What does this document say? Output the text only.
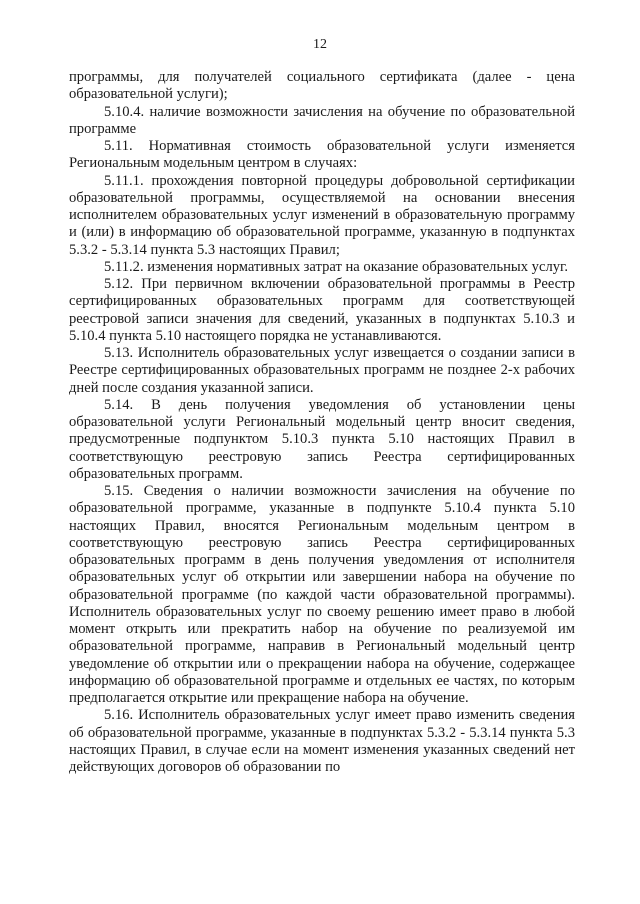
12

программы, для получателей социального сертификата (далее - цена образовательной услуги);

5.10.4. наличие возможности зачисления на обучение по образовательной программе

5.11. Нормативная стоимость образовательной услуги изменяется Региональным модельным центром в случаях:

5.11.1. прохождения повторной процедуры добровольной сертификации образовательной программы, осуществляемой на основании внесения исполнителем образовательных услуг изменений в образовательную программу и (или) в информацию об образовательной программе, указанную в подпунктах 5.3.2 - 5.3.14 пункта 5.3 настоящих Правил;

5.11.2. изменения нормативных затрат на оказание образовательных услуг.

5.12. При первичном включении образовательной программы в Реестр сертифицированных образовательных программ для соответствующей реестровой записи значения для сведений, указанных в подпунктах 5.10.3 и 5.10.4 пункта 5.10 настоящего порядка не устанавливаются.

5.13. Исполнитель образовательных услуг извещается о создании записи в Реестре сертифицированных образовательных программ не позднее 2-х рабочих дней после создания указанной записи.

5.14. В день получения уведомления об установлении цены образовательной услуги Региональный модельный центр вносит сведения, предусмотренные подпунктом 5.10.3 пункта 5.10 настоящих Правил в соответствующую реестровую запись Реестра сертифицированных образовательных программ.

5.15. Сведения о наличии возможности зачисления на обучение по образовательной программе, указанные в подпункте 5.10.4 пункта 5.10 настоящих Правил, вносятся Региональным модельным центром в соответствующую реестровую запись Реестра сертифицированных образовательных программ в день получения уведомления от исполнителя образовательных услуг об открытии или завершении набора на обучение по образовательной программе (по каждой части образовательной программы). Исполнитель образовательных услуг по своему решению имеет право в любой момент открыть или прекратить набор на обучение по реализуемой им образовательной программе, направив в Региональный модельный центр уведомление об открытии или о прекращении набора на обучение, содержащее информацию об образовательной программе и отдельных ее частях, по которым предполагается открытие или прекращение набора на обучение.

5.16. Исполнитель образовательных услуг имеет право изменить сведения об образовательной программе, указанные в подпунктах 5.3.2 - 5.3.14 пункта 5.3 настоящих Правил, в случае если на момент изменения указанных сведений нет действующих договоров об образовании по
